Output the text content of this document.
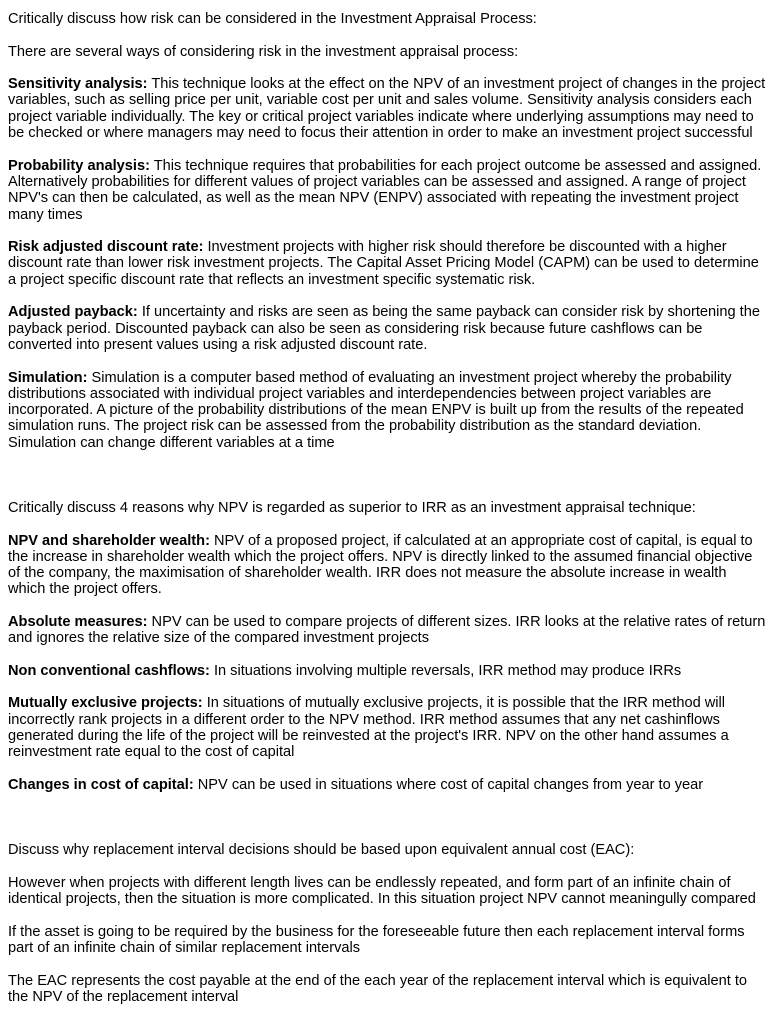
Critically discuss how risk can be considered in the Investment Appraisal Process:

There are several ways of considering risk in the investment appraisal process:

Sensitivity analysis: This technique looks at the effect on the NPV of an investment project of changes in the project variables, such as selling price per unit, variable cost per unit and sales volume. Sensitivity analysis considers each project variable individually. The key or critical project variables indicate where underlying assumptions may need to be checked or where managers may need to focus their attention in order to make an investment project successful

Probability analysis: This technique requires that probabilities for each project outcome be assessed and assigned. Alternatively probabilities for different values of project variables can be assessed and assigned. A range of project NPV's can then be calculated, as well as the mean NPV (ENPV) associated with repeating the investment project many times

Risk adjusted discount rate: Investment projects with higher risk should therefore be discounted with a higher discount rate than lower risk investment projects. The Capital Asset Pricing Model (CAPM) can be used to determine a project specific discount rate that reflects an investment specific systematic risk.

Adjusted payback: If uncertainty and risks are seen as being the same payback can consider risk by shortening the payback period. Discounted payback can also be seen as considering risk because future cashflows can be converted into present values using a risk adjusted discount rate.

Simulation: Simulation is a computer based method of evaluating an investment project whereby the probability distributions associated with individual project variables and interdependencies between project variables are incorporated. A picture of the probability distributions of the mean ENPV is built up from the results of the repeated simulation runs. The project risk can be assessed from the probability distribution as the standard deviation. Simulation can change different variables at a time

Critically discuss 4 reasons why NPV is regarded as superior to IRR as an investment appraisal technique:

NPV and shareholder wealth: NPV of a proposed project, if calculated at an appropriate cost of capital, is equal to the increase in shareholder wealth which the project offers. NPV is directly linked to the assumed financial objective of the company, the maximisation of shareholder wealth. IRR does not measure the absolute increase in wealth which the project offers.

Absolute measures: NPV can be used to compare projects of different sizes. IRR looks at the relative rates of return and ignores the relative size of the compared investment projects

Non conventional cashflows: In situations involving multiple reversals, IRR method may produce IRRs

Mutually exclusive projects: In situations of mutually exclusive projects, it is possible that the IRR method will incorrectly rank projects in a different order to the NPV method. IRR method assumes that any net cashinflows generated during the life of the project will be reinvested at the project's IRR. NPV on the other hand assumes a reinvestment rate equal to the cost of capital

Changes in cost of capital: NPV can be used in situations where cost of capital changes from year to year

Discuss why replacement interval decisions should be based upon equivalent annual cost (EAC):

However when projects with different length lives can be endlessly repeated, and form part of an infinite chain of identical projects, then the situation is more complicated. In this situation project NPV cannot meaningully compared

If the asset is going to be required by the business for the foreseeable future then each replacement interval forms part of an infinite chain of similar replacement intervals

The EAC represents the cost payable at the end of the each year of the replacement interval which is equivalent to the NPV of the replacement interval
